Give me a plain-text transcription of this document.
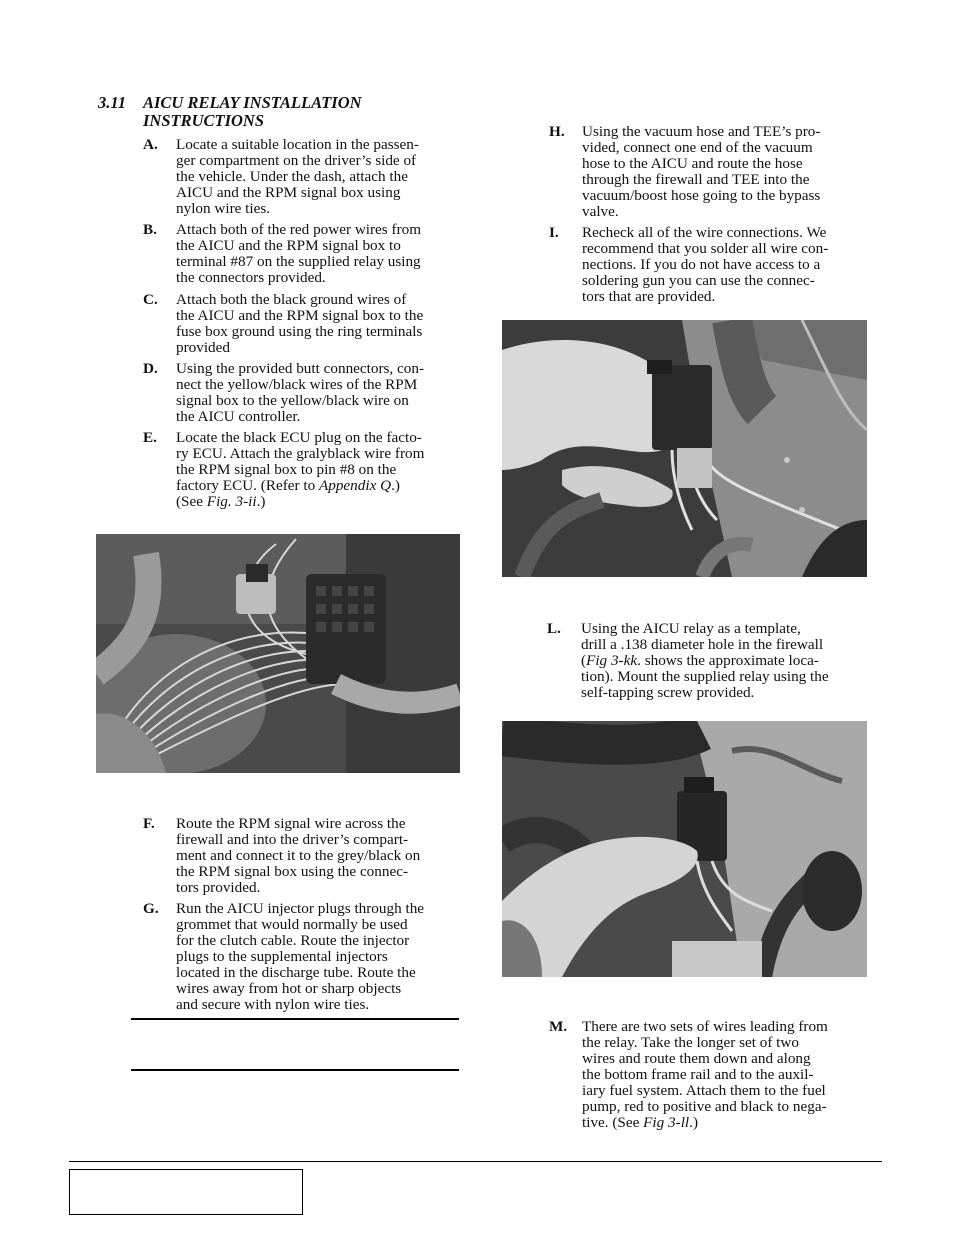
3.11 AICU RELAY INSTALLATION
INSTRUCTIONS
A. Locate a suitable location in the passen-
ger compartment on the driver’s side of
the vehicle. Under the dash, attach the
AICU and the RPM signal box using
nylon wire ties.
B. Attach both of the red power wires from
the AICU and the RPM signal box to
terminal #87 on the supplied relay using
the connectors provided.
C. Attach both the black ground wires of
the AICU and the RPM signal box to the
fuse box ground using the ring terminals
provided
D. Using the provided butt connectors, con-
nect the yellow/black wires of the RPM
signal box to the yellow/black wire on
the AICU controller.
E. Locate the black ECU plug on the facto-
ry ECU. Attach the gralyblack wire from
the RPM signal box to pin #8 on the
factory ECU. (Refer to Appendix Q.)
(See Fig. 3-ii.)
F. Route the RPM signal wire across the
firewall and into the driver’s compart-
ment and connect it to the grey/black on
the RPM signal box using the connec-
tors provided.
G. Run the AICU injector plugs through the
grommet that would normally be used
for the clutch cable. Route the injector
plugs to the supplemental injectors
located in the discharge tube. Route the
wires away from hot or sharp objects
and secure with nylon wire ties.
H. Using the vacuum hose and TEE’s pro-
vided, connect one end of the vacuum
hose to the AICU and route the hose
through the firewall and TEE into the
vacuum/boost hose going to the bypass
valve.
I. Recheck all of the wire connections. We
recommend that you solder all wire con-
nections. If you do not have access to a
soldering gun you can use the connec-
tors that are provided.
L. Using the AICU relay as a template,
drill a .138 diameter hole in the firewall
(Fig 3-kk. shows the approximate loca-
tion). Mount the supplied relay using the
self-tapping screw provided.
M. There are two sets of wires leading from
the relay. Take the longer set of two
wires and route them down and along
the bottom frame rail and to the auxil-
iary fuel system. Attach them to the fuel
pump, red to positive and black to nega-
tive. (See Fig 3-ll.)
